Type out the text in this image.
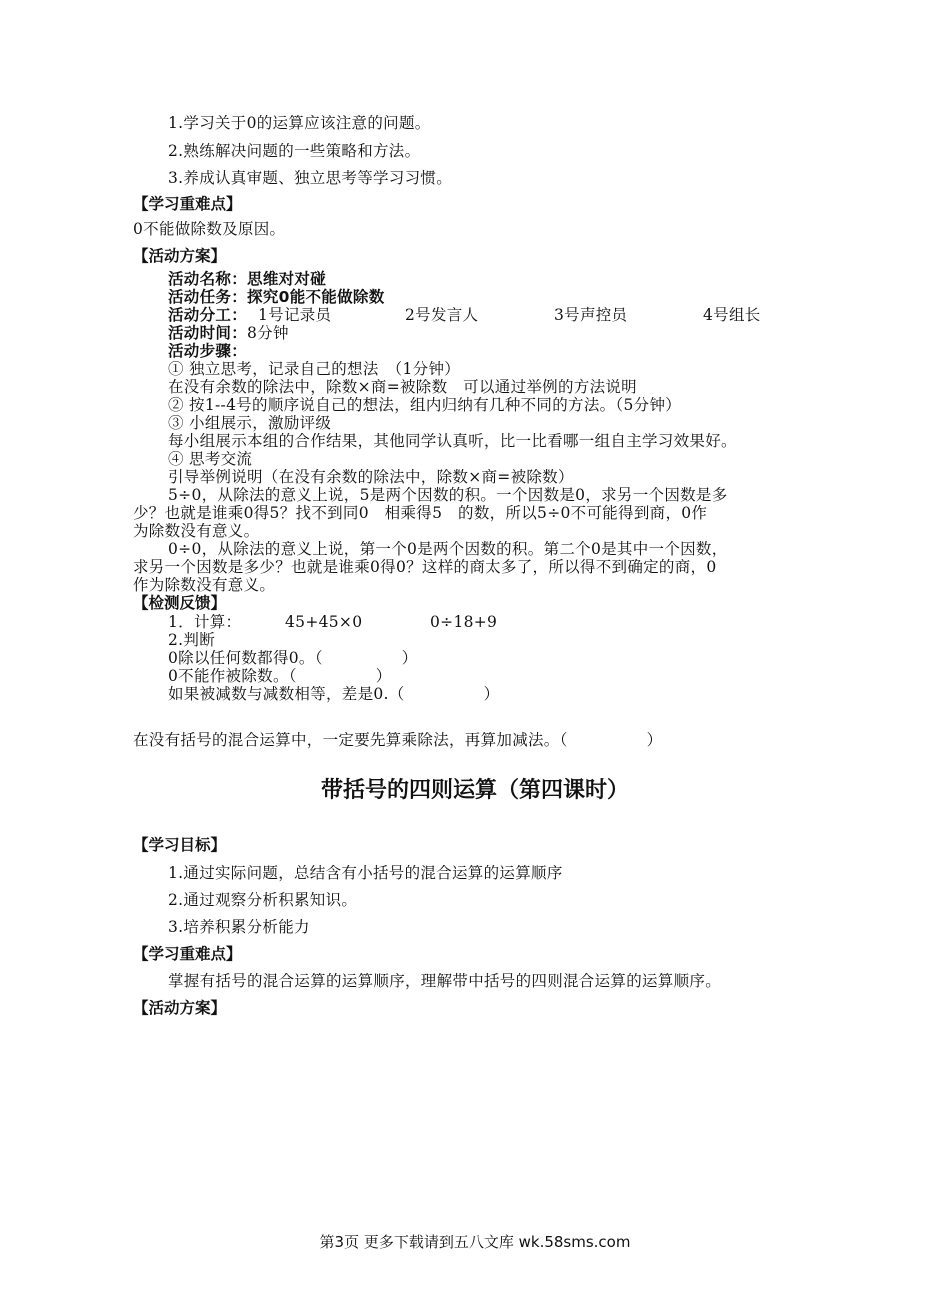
1.学习关于0的运算应该注意的问题。
2.熟练解决问题的一些策略和方法。
3.养成认真审题、独立思考等学习习惯。
【学习重难点】
0不能做除数及原因。
【活动方案】
活动名称：思维对对碰
活动任务：探究0能不能做除数
活动分工： 1号记录员	2号发言人	3号声控员	4号组长
活动时间：8分钟
活动步骤：
① 独立思考，记录自己的想法　（1分钟）
在没有余数的除法中，除数×商=被除数　可以通过举例的方法说明
② 按1--4号的顺序说自己的想法，组内归纳有几种不同的方法。（5分钟）
③ 小组展示，激励评级
每小组展示本组的合作结果，其他同学认真听，比一比看哪一组自主学习效果好。
④ 思考交流
引导举例说明（在没有余数的除法中，除数×商=被除数）
5÷0，从除法的意义上说，5是两个因数的积。一个因数是0，求另一个因数是多
少？也就是谁乘0得5？找不到同0　相乘得5　的数，所以5÷0不可能得到商，0作
为除数没有意义。
0÷0，从除法的意义上说，第一个0是两个因数的积。第二个0是其中一个因数，
求另一个因数是多少？也就是谁乘0得0？这样的商太多了，所以得不到确定的商，0
作为除数没有意义。
【检测反馈】
1．计算：	45+45×0	0÷18+9
2.判断
0除以任何数都得0。（　　　　　）
0不能作被除数。（　　　　　）
如果被减数与减数相等，差是0.（　　　　　）
在没有括号的混合运算中，一定要先算乘除法，再算加减法。（　　　　　）
带括号的四则运算（第四课时）
【学习目标】
1.通过实际问题，总结含有小括号的混合运算的运算顺序
2.通过观察分析积累知识。
3.培养积累分析能力
【学习重难点】
掌握有括号的混合运算的运算顺序，理解带中括号的四则混合运算的运算顺序。
【活动方案】
第3页 更多下载请到五八文库 wk.58sms.com
